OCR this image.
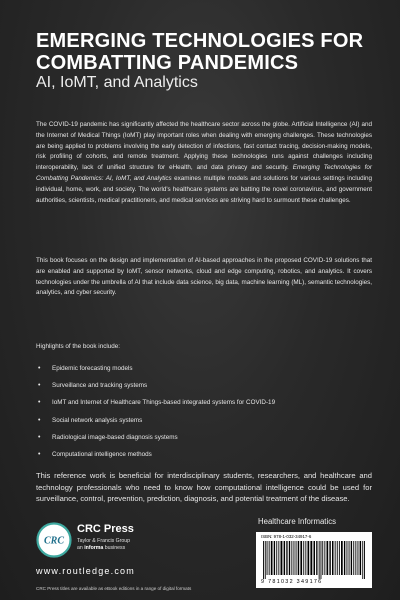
EMERGING TECHNOLOGIES FOR COMBATTING PANDEMICS
AI, IoMT, and Analytics

The COVID-19 pandemic has significantly affected the healthcare sector across the globe. Artificial Intelligence (AI) and the Internet of Medical Things (IoMT) play important roles when dealing with emerging challenges. These technologies are being applied to problems involving the early detection of infections, fast contact tracing, decision-making models, risk profiling of cohorts, and remote treatment. Applying these technologies runs against challenges including interoperability, lack of unified structure for eHealth, and data privacy and security. Emerging Technologies for Combatting Pandemics: AI, IoMT, and Analytics examines multiple models and solutions for various settings including individual, home, work, and society. The world's healthcare systems are batting the novel coronavirus, and government authorities, scientists, medical practitioners, and medical services are striving hard to surmount these challenges.

This book focuses on the design and implementation of AI-based approaches in the proposed COVID-19 solutions that are enabled and supported by IoMT, sensor networks, cloud and edge computing, robotics, and analytics. It covers technologies under the umbrella of AI that include data science, big data, machine learning (ML), semantic technologies, analytics, and cyber security.

Highlights of the book include:
• Epidemic forecasting models
• Surveillance and tracking systems
• IoMT and Internet of Healthcare Things-based integrated systems for COVID-19
• Social network analysis systems
• Radiological image-based diagnosis systems
• Computational intelligence methods

This reference work is beneficial for interdisciplinary students, researchers, and healthcare and technology professionals who need to know how computational intelligence could be used for surveillance, control, prevention, prediction, diagnosis, and potential treatment of the disease.

CRC
CRC Press
Taylor & Francis Group
an informa business
www.routledge.com
CRC Press titles are available as eBook editions in a range of digital formats
Healthcare Informatics
ISBN: 978-1-032-34917-6
9 781032 349176
